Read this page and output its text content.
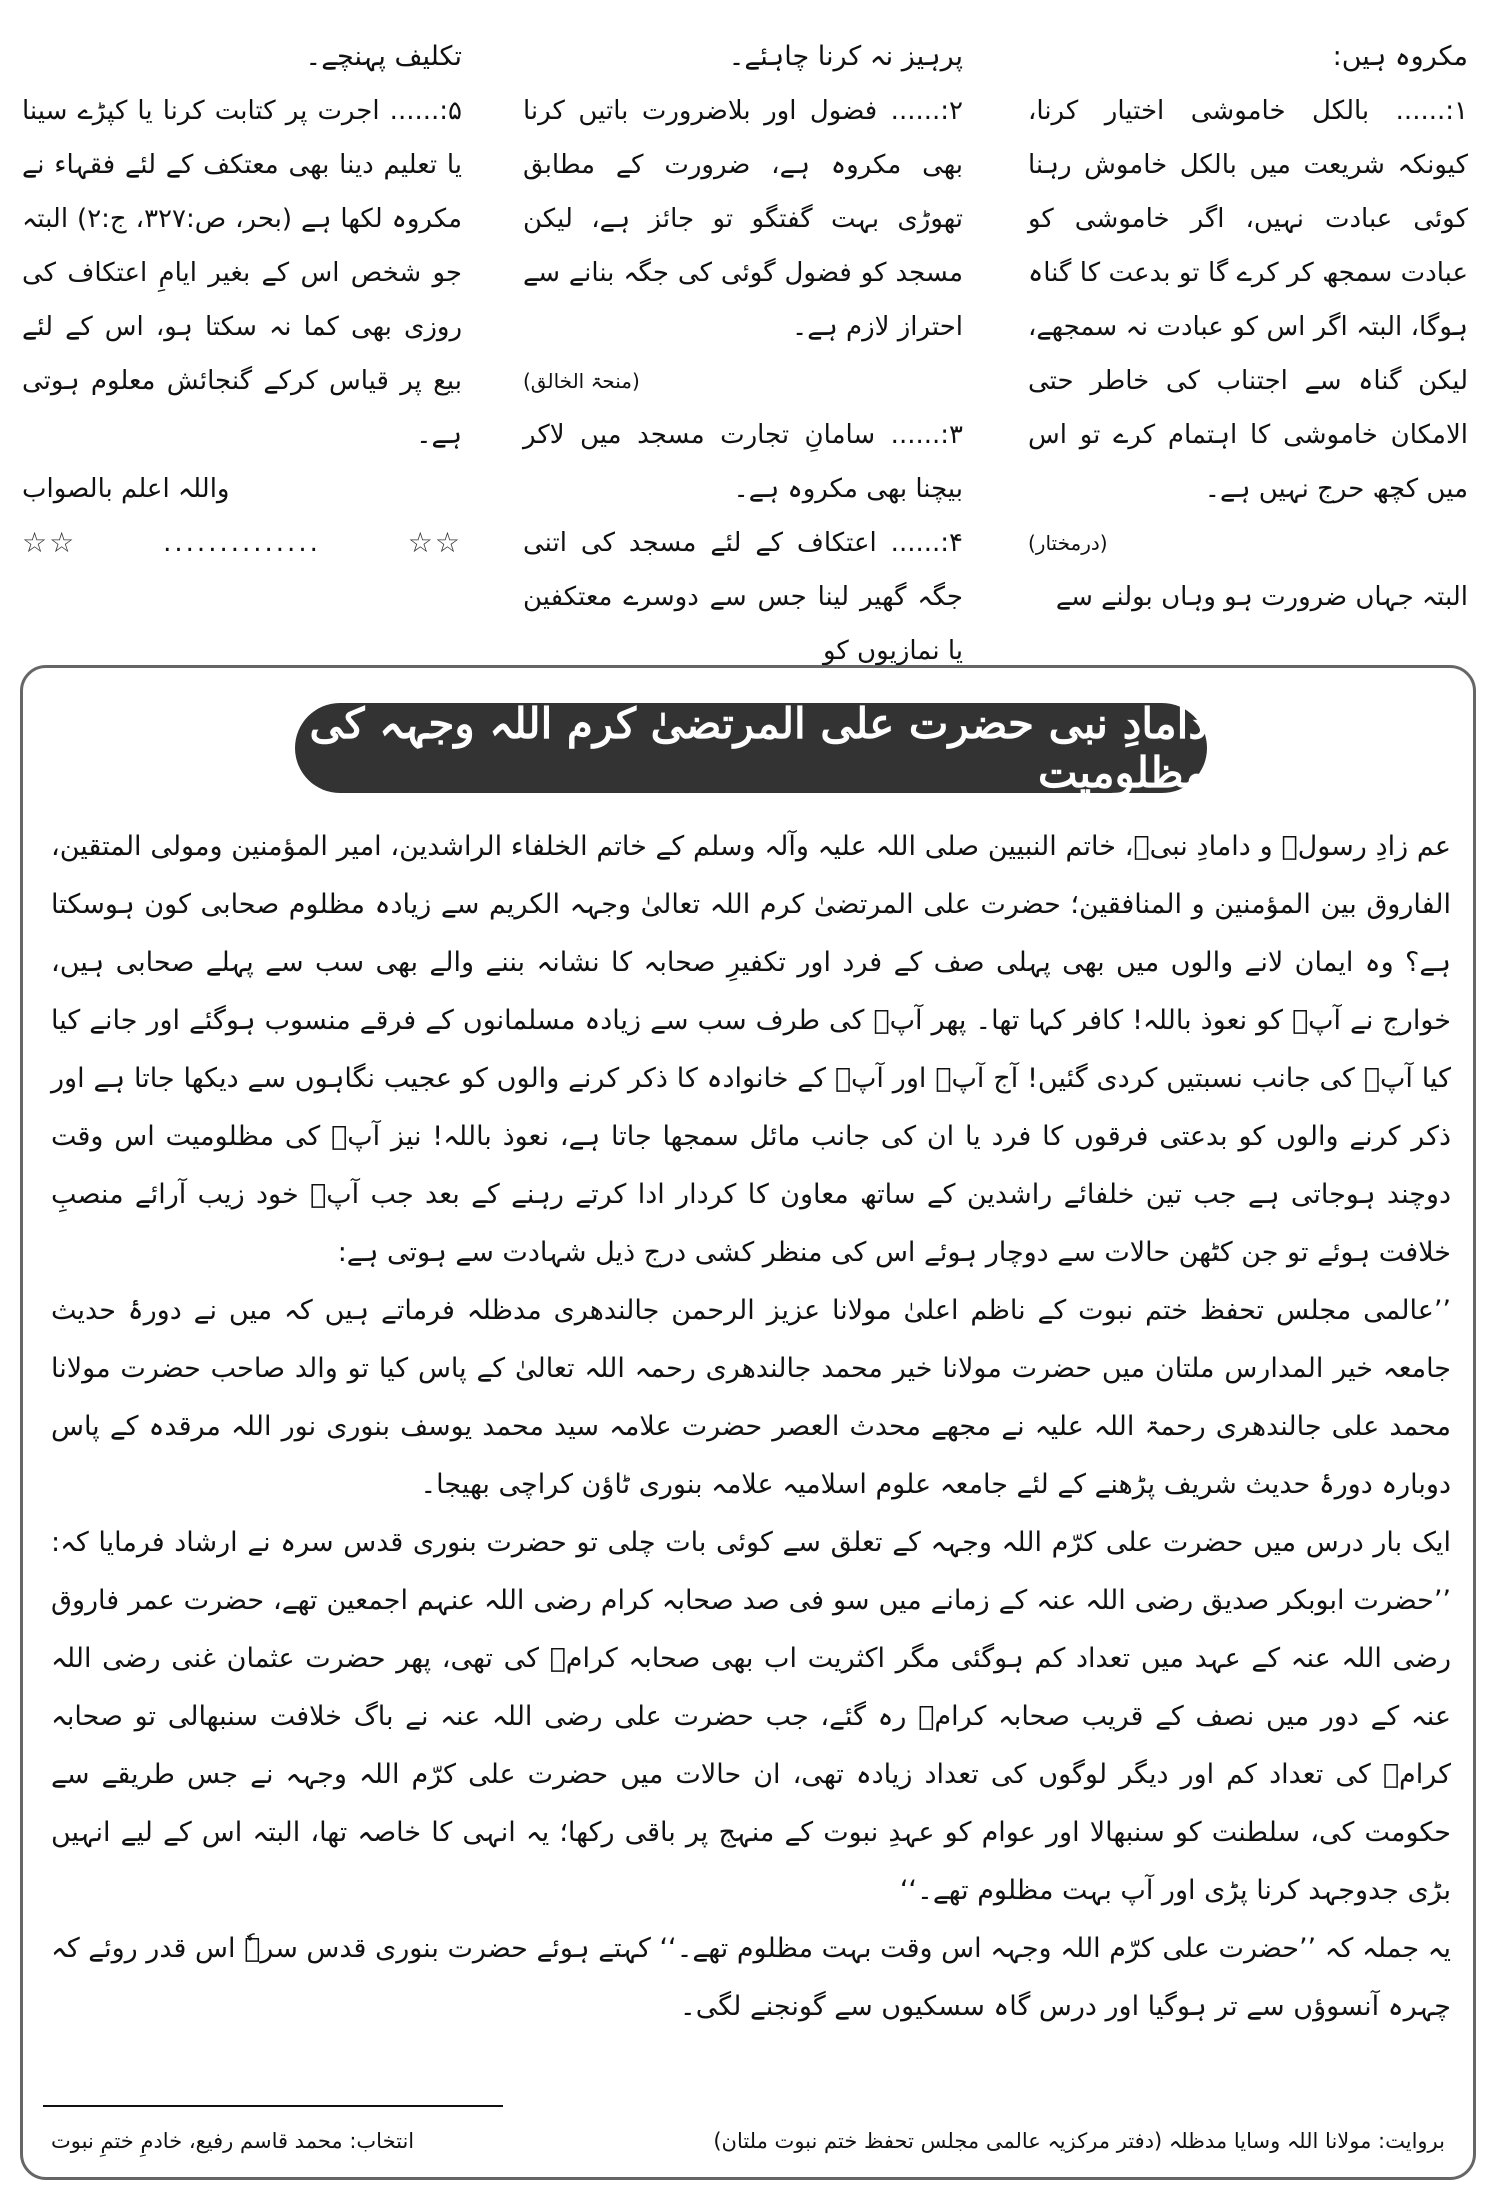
مکروہ ہیں:

۱:...... بالکل خاموشی اختیار کرنا، کیونکہ شریعت میں بالکل خاموش رہنا کوئی عبادت نہیں، اگر خاموشی کو عبادت سمجھ کر کرے گا تو بدعت کا گناہ ہوگا، البتہ اگر اس کو عبادت نہ سمجھے، لیکن گناہ سے اجتناب کی خاطر حتی الامکان خاموشی کا اہتمام کرے تو اس میں کچھ حرج نہیں ہے۔

(درمختار)

البتہ جہاں ضرورت ہو وہاں بولنے سے

پرہیز نہ کرنا چاہئے۔

۲:...... فضول اور بلاضرورت باتیں کرنا بھی مکروہ ہے، ضرورت کے مطابق تھوڑی بہت گفتگو تو جائز ہے، لیکن مسجد کو فضول گوئی کی جگہ بنانے سے احتراز لازم ہے۔

(منحۃ الخالق)

۳:...... سامانِ تجارت مسجد میں لاکر بیچنا بھی مکروہ ہے۔

۴:...... اعتکاف کے لئے مسجد کی اتنی جگہ گھیر لینا جس سے دوسرے معتکفین یا نمازیوں کو

تکلیف پہنچے۔

۵:...... اجرت پر کتابت کرنا یا کپڑے سینا یا تعلیم دینا بھی معتکف کے لئے فقہاء نے مکروہ لکھا ہے (بحر، ص:۳۲۷، ج:۲) البتہ جو شخص اس کے بغیر ایامِ اعتکاف کی روزی بھی کما نہ سکتا ہو، اس کے لئے بیع پر قیاس کرکے گنجائش معلوم ہوتی ہے۔

واللہ اعلم بالصواب

☆☆
..............
☆☆
دامادِ نبی حضرت علی المرتضیٰ کرم اللہ وجہہ کی مظلومیت

عم زادِ رسولؐ و دامادِ نبیؐ، خاتم النبیین صلی اللہ علیہ وآلہ وسلم کے خاتم الخلفاء الراشدین، امیر المؤمنین ومولی المتقین، الفاروق بین المؤمنین و المنافقین؛ حضرت علی المرتضیٰ کرم اللہ تعالیٰ وجہہ الکریم سے زیادہ مظلوم صحابی کون ہوسکتا ہے؟ وہ ایمان لانے والوں میں بھی پہلی صف کے فرد اور تکفیرِ صحابہ کا نشانہ بننے والے بھی سب سے پہلے صحابی ہیں، خوارج نے آپؓ کو نعوذ باللہ! کافر کہا تھا۔ پھر آپؓ کی طرف سب سے زیادہ مسلمانوں کے فرقے منسوب ہوگئے اور جانے کیا کیا آپؓ کی جانب نسبتیں کردی گئیں! آج آپؓ اور آپؓ کے خانوادہ کا ذکر کرنے والوں کو عجیب نگاہوں سے دیکھا جاتا ہے اور ذکر کرنے والوں کو بدعتی فرقوں کا فرد یا ان کی جانب مائل سمجھا جاتا ہے، نعوذ باللہ! نیز آپؓ کی مظلومیت اس وقت دوچند ہوجاتی ہے جب تین خلفائے راشدین کے ساتھ معاون کا کردار ادا کرتے رہنے کے بعد جب آپؓ خود زیب آرائے منصبِ خلافت ہوئے تو جن کٹھن حالات سے دوچار ہوئے اس کی منظر کشی درج ذیل شہادت سے ہوتی ہے:

’’عالمی مجلس تحفظ ختم نبوت کے ناظم اعلیٰ مولانا عزیز الرحمن جالندھری مدظلہ فرماتے ہیں کہ میں نے دورۂ حدیث جامعہ خیر المدارس ملتان میں حضرت مولانا خیر محمد جالندھری رحمہ اللہ تعالیٰ کے پاس کیا تو والد صاحب حضرت مولانا محمد علی جالندھری رحمۃ اللہ علیہ نے مجھے محدث العصر حضرت علامہ سید محمد یوسف بنوری نور اللہ مرقدہ کے پاس دوبارہ دورۂ حدیث شریف پڑھنے کے لئے جامعہ علوم اسلامیہ علامہ بنوری ٹاؤن کراچی بھیجا۔

ایک بار درس میں حضرت علی کرّم اللہ وجہہ کے تعلق سے کوئی بات چلی تو حضرت بنوری قدس سرہ نے ارشاد فرمایا کہ: ’’حضرت ابوبکر صدیق رضی اللہ عنہ کے زمانے میں سو فی صد صحابہ کرام رضی اللہ عنہم اجمعین تھے، حضرت عمر فاروق رضی اللہ عنہ کے عہد میں تعداد کم ہوگئی مگر اکثریت اب بھی صحابہ کرامؓ کی تھی، پھر حضرت عثمان غنی رضی اللہ عنہ کے دور میں نصف کے قریب صحابہ کرامؓ رہ گئے، جب حضرت علی رضی اللہ عنہ نے باگ خلافت سنبھالی تو صحابہ کرامؓ کی تعداد کم اور دیگر لوگوں کی تعداد زیادہ تھی، ان حالات میں حضرت علی کرّم اللہ وجہہ نے جس طریقے سے حکومت کی، سلطنت کو سنبھالا اور عوام کو عہدِ نبوت کے منہج پر باقی رکھا؛ یہ انہی کا خاصہ تھا، البتہ اس کے لیے انہیں بڑی جدوجہد کرنا پڑی اور آپ بہت مظلوم تھے۔‘‘

یہ جملہ کہ ’’حضرت علی کرّم اللہ وجہہ اس وقت بہت مظلوم تھے۔‘‘ کہتے ہوئے حضرت بنوری قدس سرہٗ اس قدر روئے کہ چہرہ آنسوؤں سے تر ہوگیا اور درس گاہ سسکیوں سے گونجنے لگی۔

بروایت: مولانا اللہ وسایا مدظلہ (دفتر مرکزیہ عالمی مجلس تحفظ ختم نبوت ملتان)
انتخاب: محمد قاسم رفیع، خادمِ ختمِ نبوت
